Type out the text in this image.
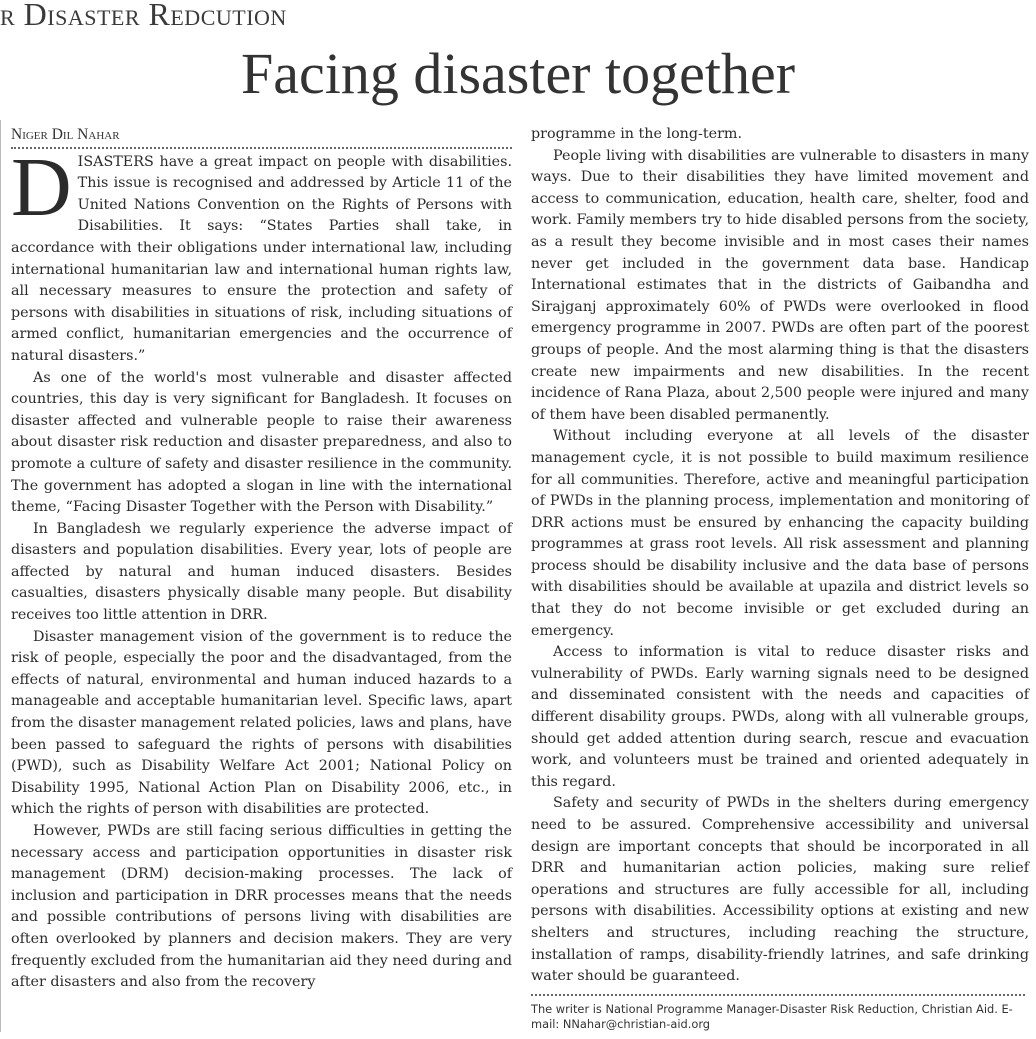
r Disaster Redcution
Facing disaster together
Niger Dil Nahar

DISASTERS have a great impact on people with disabilities. This issue is recognised and addressed by Article 11 of the United Nations Convention on the Rights of Persons with Disabilities. It says: “States Parties shall take, in accordance with their obligations under international law, including international humanitarian law and international human rights law, all necessary measures to ensure the protection and safety of persons with disabilities in situations of risk, including situations of armed conflict, humanitarian emergencies and the occurrence of natural disasters.”

As one of the world's most vulnerable and disaster affected countries, this day is very significant for Bangladesh. It focuses on disaster affected and vulnerable people to raise their awareness about disaster risk reduction and disaster preparedness, and also to promote a culture of safety and disaster resilience in the community. The government has adopted a slogan in line with the international theme, “Facing Disaster Together with the Person with Disability.”

In Bangladesh we regularly experience the adverse impact of disasters and population disabilities. Every year, lots of people are affected by natural and human induced disasters. Besides casualties, disasters physically disable many people. But disability receives too little attention in DRR.

Disaster management vision of the government is to reduce the risk of people, especially the poor and the disadvantaged, from the effects of natural, environmental and human induced hazards to a manageable and acceptable humanitarian level. Specific laws, apart from the disaster management related policies, laws and plans, have been passed to safeguard the rights of persons with disabilities (PWD), such as Disability Welfare Act 2001; National Policy on Disability 1995, National Action Plan on Disability 2006, etc., in which the rights of person with disabilities are protected.

However, PWDs are still facing serious difficulties in getting the necessary access and participation opportunities in disaster risk management (DRM) decision-making processes. The lack of inclusion and participation in DRR processes means that the needs and possible contributions of persons living with disabilities are often overlooked by planners and decision makers. They are very frequently excluded from the humanitarian aid they need during and after disasters and also from the recovery

programme in the long-term.

People living with disabilities are vulnerable to disasters in many ways. Due to their disabilities they have limited movement and access to communication, education, health care, shelter, food and work. Family members try to hide disabled persons from the society, as a result they become invisible and in most cases their names never get included in the government data base. Handicap International estimates that in the districts of Gaibandha and Sirajganj approximately 60% of PWDs were overlooked in flood emergency programme in 2007. PWDs are often part of the poorest groups of people. And the most alarming thing is that the disasters create new impairments and new disabilities. In the recent incidence of Rana Plaza, about 2,500 people were injured and many of them have been disabled permanently.

Without including everyone at all levels of the disaster management cycle, it is not possible to build maximum resilience for all communities. Therefore, active and meaningful participation of PWDs in the planning process, implementation and monitoring of DRR actions must be ensured by enhancing the capacity building programmes at grass root levels. All risk assessment and planning process should be disability inclusive and the data base of persons with disabilities should be available at upazila and district levels so that they do not become invisible or get excluded during an emergency.

Access to information is vital to reduce disaster risks and vulnerability of PWDs. Early warning signals need to be designed and disseminated consistent with the needs and capacities of different disability groups. PWDs, along with all vulnerable groups, should get added attention during search, rescue and evacuation work, and volunteers must be trained and oriented adequately in this regard.

Safety and security of PWDs in the shelters during emergency need to be assured. Comprehensive accessibility and universal design are important concepts that should be incorporated in all DRR and humanitarian action policies, making sure relief operations and structures are fully accessible for all, including persons with disabilities. Accessibility options at existing and new shelters and structures, including reaching the structure, installation of ramps, disability-friendly latrines, and safe drinking water should be guaranteed.

The writer is National Programme Manager-Disaster Risk Reduction, Christian Aid. E-mail: NNahar@christian-aid.org
